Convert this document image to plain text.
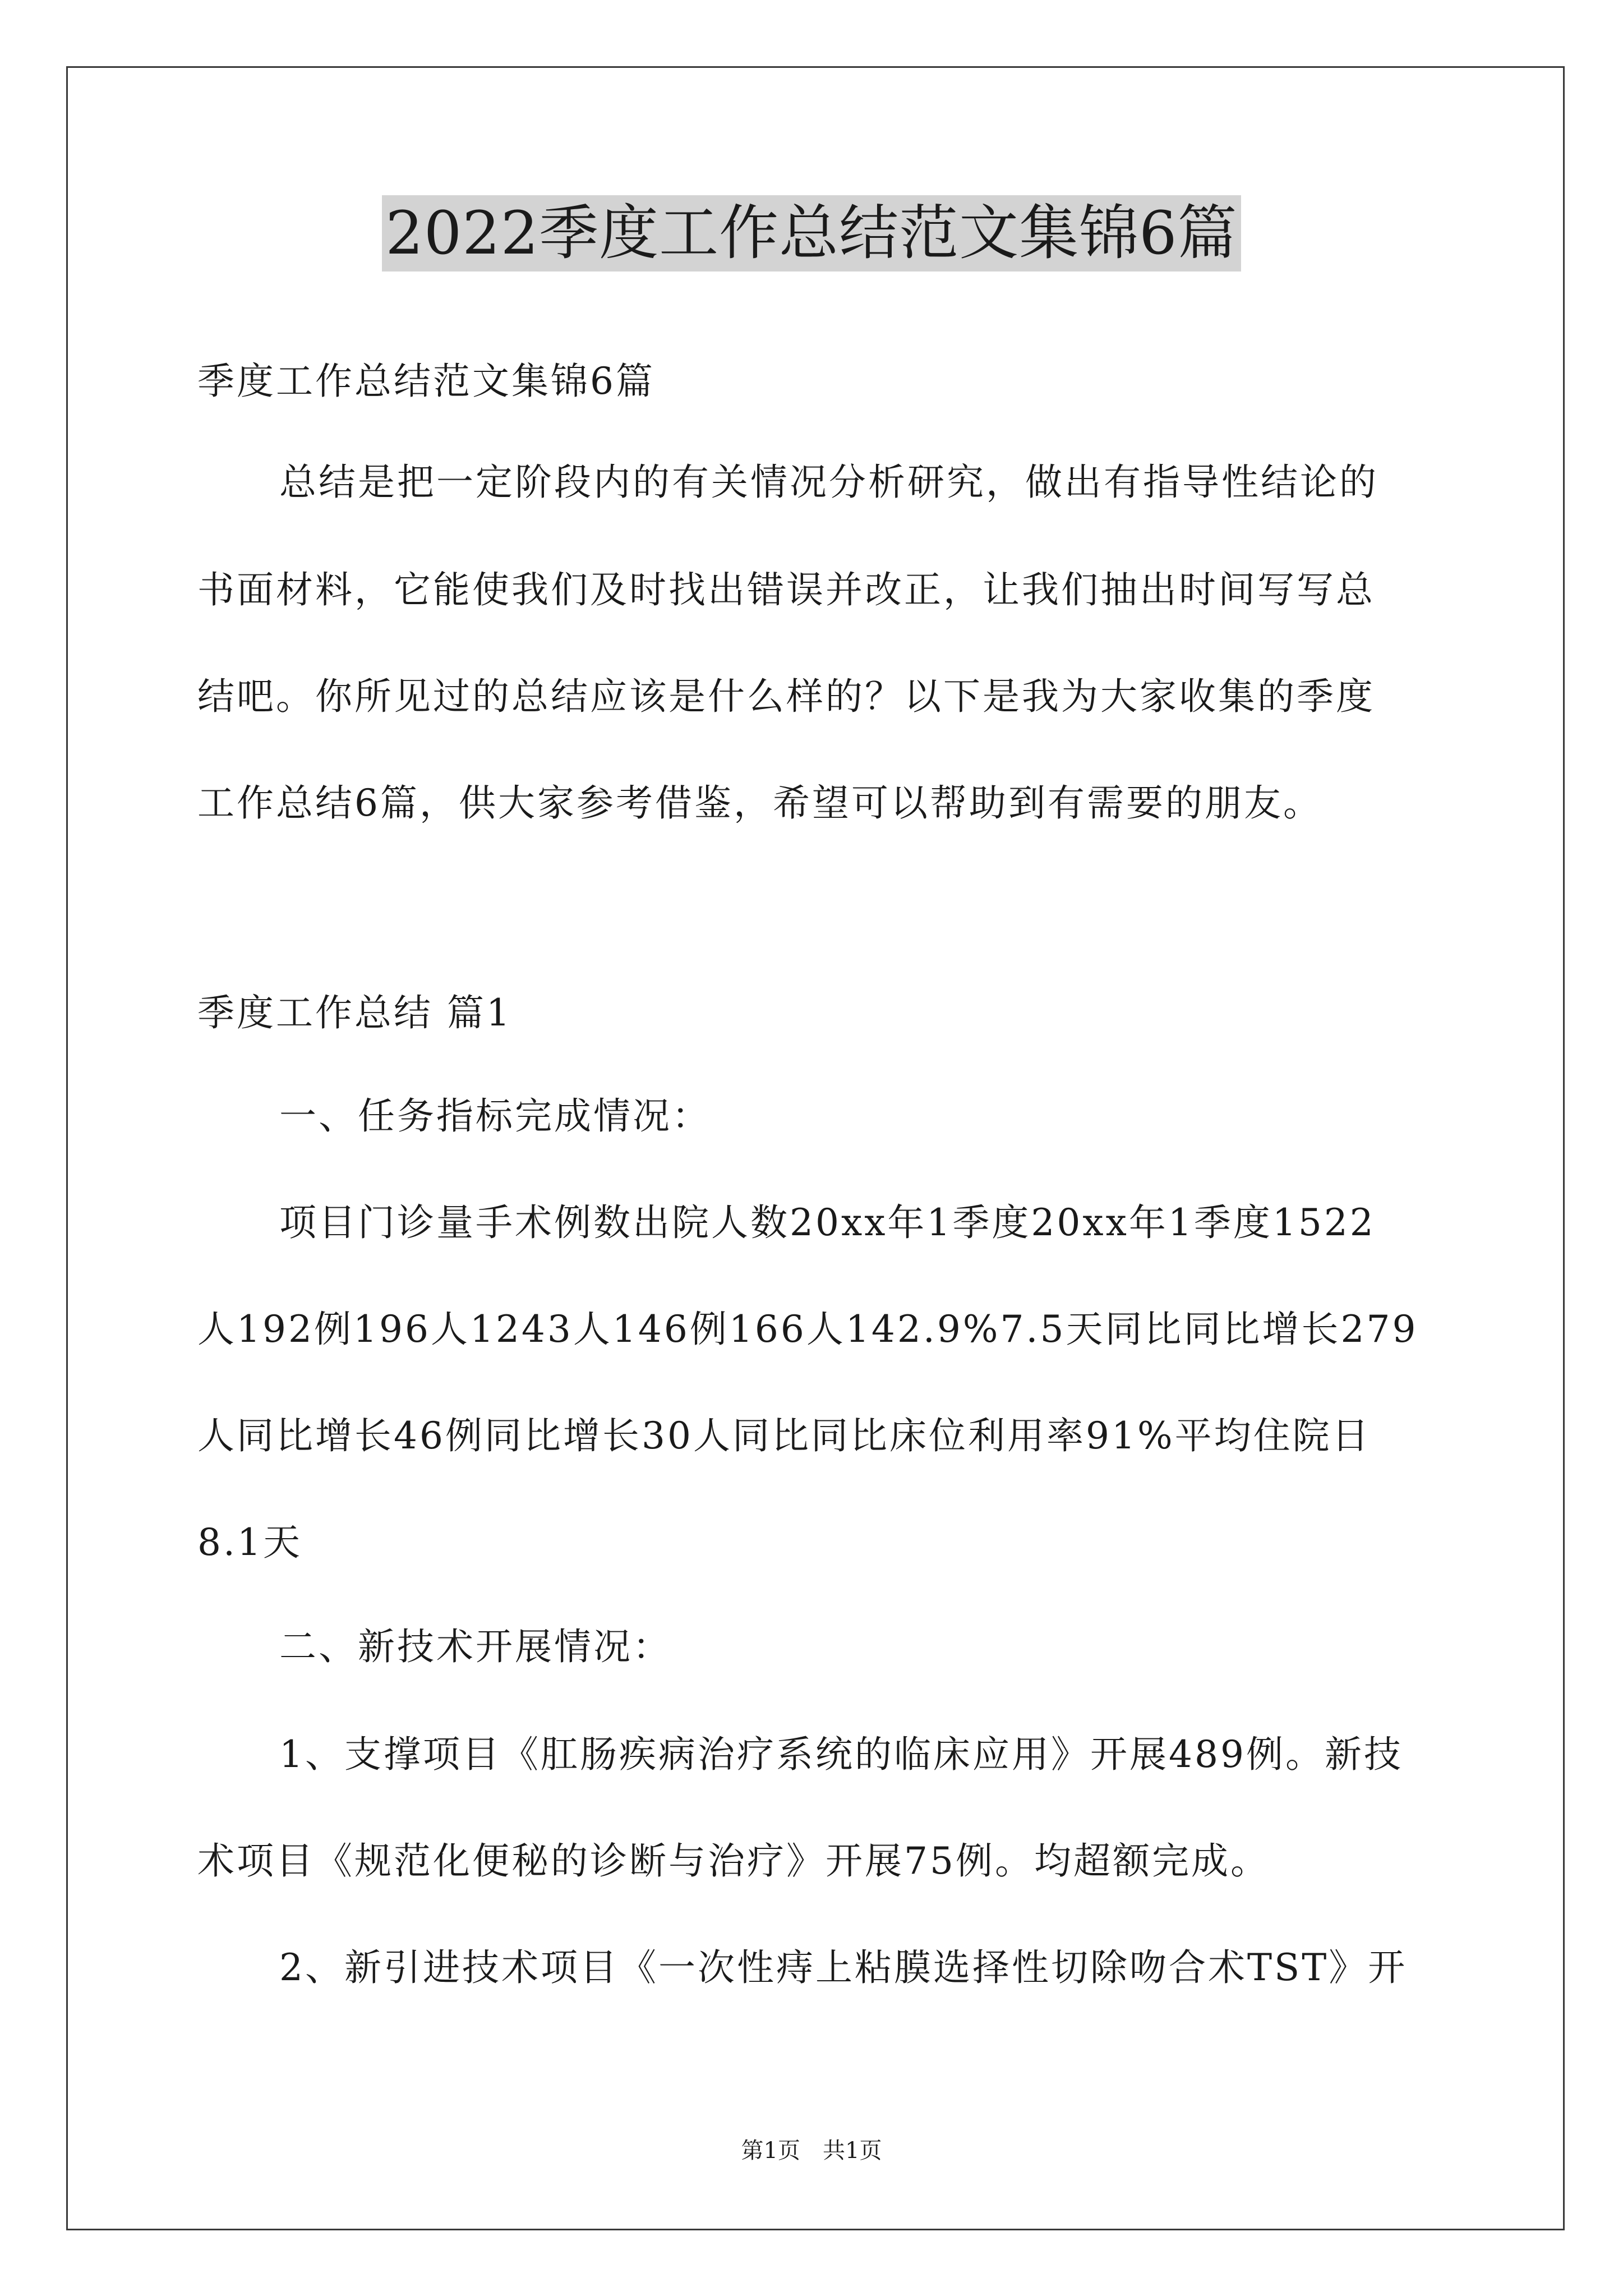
2022季度工作总结范文集锦6篇
季度工作总结范文集锦6篇
总结是把一定阶段内的有关情况分析研究，做出有指导性结论的
书面材料，它能使我们及时找出错误并改正，让我们抽出时间写写总
结吧。你所见过的总结应该是什么样的？以下是我为大家收集的季度
工作总结6篇，供大家参考借鉴，希望可以帮助到有需要的朋友。
季度工作总结 篇1
一、任务指标完成情况：
项目门诊量手术例数出院人数20xx年1季度20xx年1季度1522
人192例196人1243人146例166人142.9%7.5天同比同比增长279
人同比增长46例同比增长30人同比同比床位利用率91%平均住院日
8.1天
二、新技术开展情况：
1、支撑项目《肛肠疾病治疗系统的临床应用》开展489例。新技
术项目《规范化便秘的诊断与治疗》开展75例。均超额完成。
2、新引进技术项目《一次性痔上粘膜选择性切除吻合术TST》开
第1页　共1页
